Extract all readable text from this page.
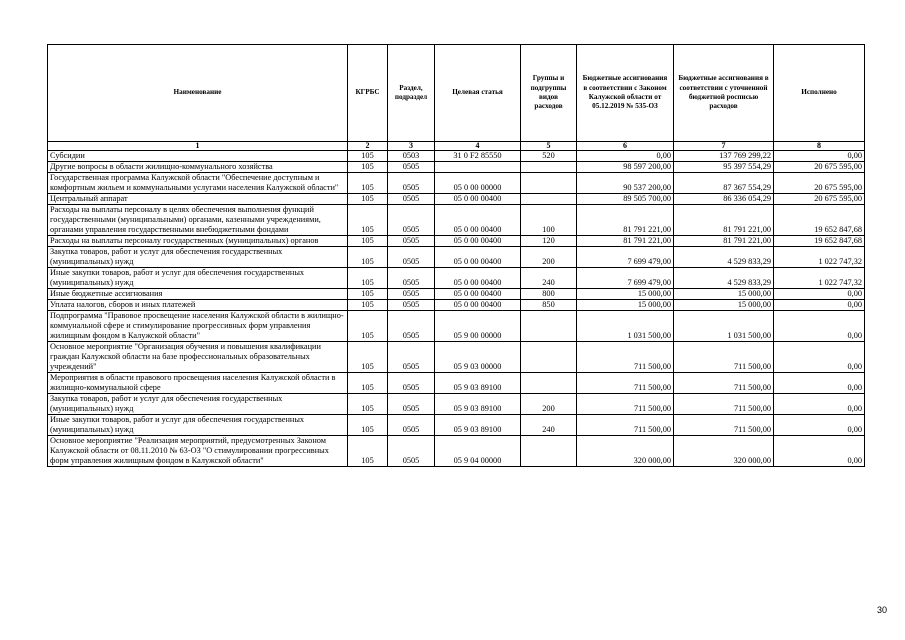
Наименование	КГРБС	Раздел, подраздел	Целевая статья	Группы и подгруппы видов расходов	Бюджетные ассигнования в соответствии с Законом Калужской области от 05.12.2019 № 535-ОЗ	Бюджетные ассигнования в соответствии с уточненной бюджетной росписью расходов	Исполнено
1	2	3	4	5	6	7	8
Субсидии	105	0503	31 0 F2 85550	520	0,00	137 769 299,22	0,00
Другие вопросы в области жилищно-коммунального хозяйства	105	0505			98 597 200,00	95 397 554,29	20 675 595,00
Государственная программа Калужской области "Обеспечение доступным и комфортным жильем и коммунальными услугами населения Калужской области"	105	0505	05 0 00 00000		90 537 200,00	87 367 554,29	20 675 595,00
Центральный аппарат	105	0505	05 0 00 00400		89 505 700,00	86 336 054,29	20 675 595,00
Расходы на выплаты персоналу в целях обеспечения выполнения функций государственными (муниципальными) органами, казенными учреждениями, органами управления государственными внебюджетными фондами	105	0505	05 0 00 00400	100	81 791 221,00	81 791 221,00	19 652 847,68
Расходы на выплаты персоналу государственных (муниципальных) органов	105	0505	05 0 00 00400	120	81 791 221,00	81 791 221,00	19 652 847,68
Закупка товаров, работ и услуг для обеспечения государственных (муниципальных) нужд	105	0505	05 0 00 00400	200	7 699 479,00	4 529 833,29	1 022 747,32
Иные закупки товаров, работ и услуг для обеспечения государственных (муниципальных) нужд	105	0505	05 0 00 00400	240	7 699 479,00	4 529 833,29	1 022 747,32
Иные бюджетные ассигнования	105	0505	05 0 00 00400	800	15 000,00	15 000,00	0,00
Уплата налогов, сборов и иных платежей	105	0505	05 0 00 00400	850	15 000,00	15 000,00	0,00
Подпрограмма "Правовое просвещение населения Калужской области в жилищно-коммунальной сфере и стимулирование прогрессивных форм управления жилищным фондом в Калужской области"	105	0505	05 9 00 00000		1 031 500,00	1 031 500,00	0,00
Основное мероприятие "Организация обучения и повышения квалификации граждан Калужской области на базе профессиональных образовательных учреждений"	105	0505	05 9 03 00000		711 500,00	711 500,00	0,00
Мероприятия в области правового просвещения населения Калужской области в жилищно-коммунальной сфере	105	0505	05 9 03 89100		711 500,00	711 500,00	0,00
Закупка товаров, работ и услуг для обеспечения государственных (муниципальных) нужд	105	0505	05 9 03 89100	200	711 500,00	711 500,00	0,00
Иные закупки товаров, работ и услуг для обеспечения государственных (муниципальных) нужд	105	0505	05 9 03 89100	240	711 500,00	711 500,00	0,00
Основное мероприятие "Реализация мероприятий, предусмотренных Законом Калужской области от 08.11.2010 № 63-ОЗ "О стимулировании прогрессивных форм управления жилищным фондом в Калужской области"	105	0505	05 9 04 00000		320 000,00	320 000,00	0,00
30
